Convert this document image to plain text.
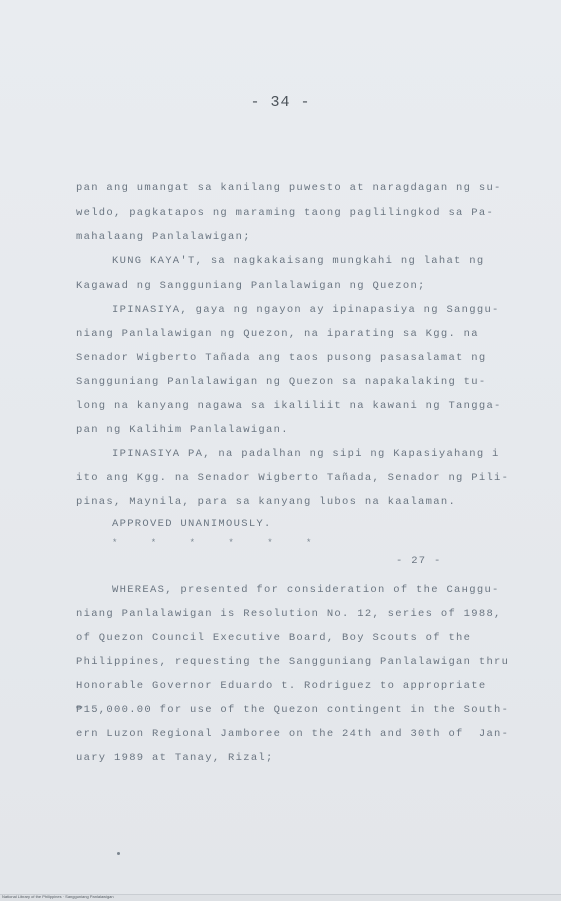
- 34 -
pan ang umangat sa kanilang puwesto at naragdagan ng su-
weldo, pagkatapos ng maraming taong paglilingkod sa Pa-
mahalaang Panlalawigan;
KUNG KAYA'T, sa nagkakaisang mungkahi ng lahat ng
Kagawad ng Sangguniang Panlalawigan ng Quezon;
IPINASIYA, gaya ng ngayon ay ipinapasiya ng Sanggu-
niang Panlalawigan ng Quezon, na iparating sa Kgg. na
Senador Wigberto Tañada ang taos pusong pasasalamat ng
Sangguniang Panlalawigan ng Quezon sa napakalaking tu-
long na kanyang nagawa sa ikaliliit na kawani ng Tangga-
pan ng Kalihim Panlalawigan.
IPINASIYA PA, na padalhan ng sipi ng Kapasiyahang i
ito ang Kgg. na Senador Wigberto Tañada, Senador ng Pili-
pinas, Maynila, para sa kanyang lubos na kaalaman.
APPROVED UNANIMOUSLY.
* * * * * *
- 27 -
WHEREAS, presented for consideration of the Санggu-
niang Panlalawigan is Resolution No. 12, series of 1988,
of Quezon Council Executive Board, Boy Scouts of the
Philippines, requesting the Sangguniang Panlalawigan thru
Honorable Governor Eduardo t. Rodriguez to appropriate
₱15,000.00 for use of the Quezon contingent in the South-
ern Luzon Regional Jamboree on the 24th and 30th of  Jan-
uary 1989 at Tanay, Rizal;
National Library of the Philippines · Sangguniang Panlalawigan
